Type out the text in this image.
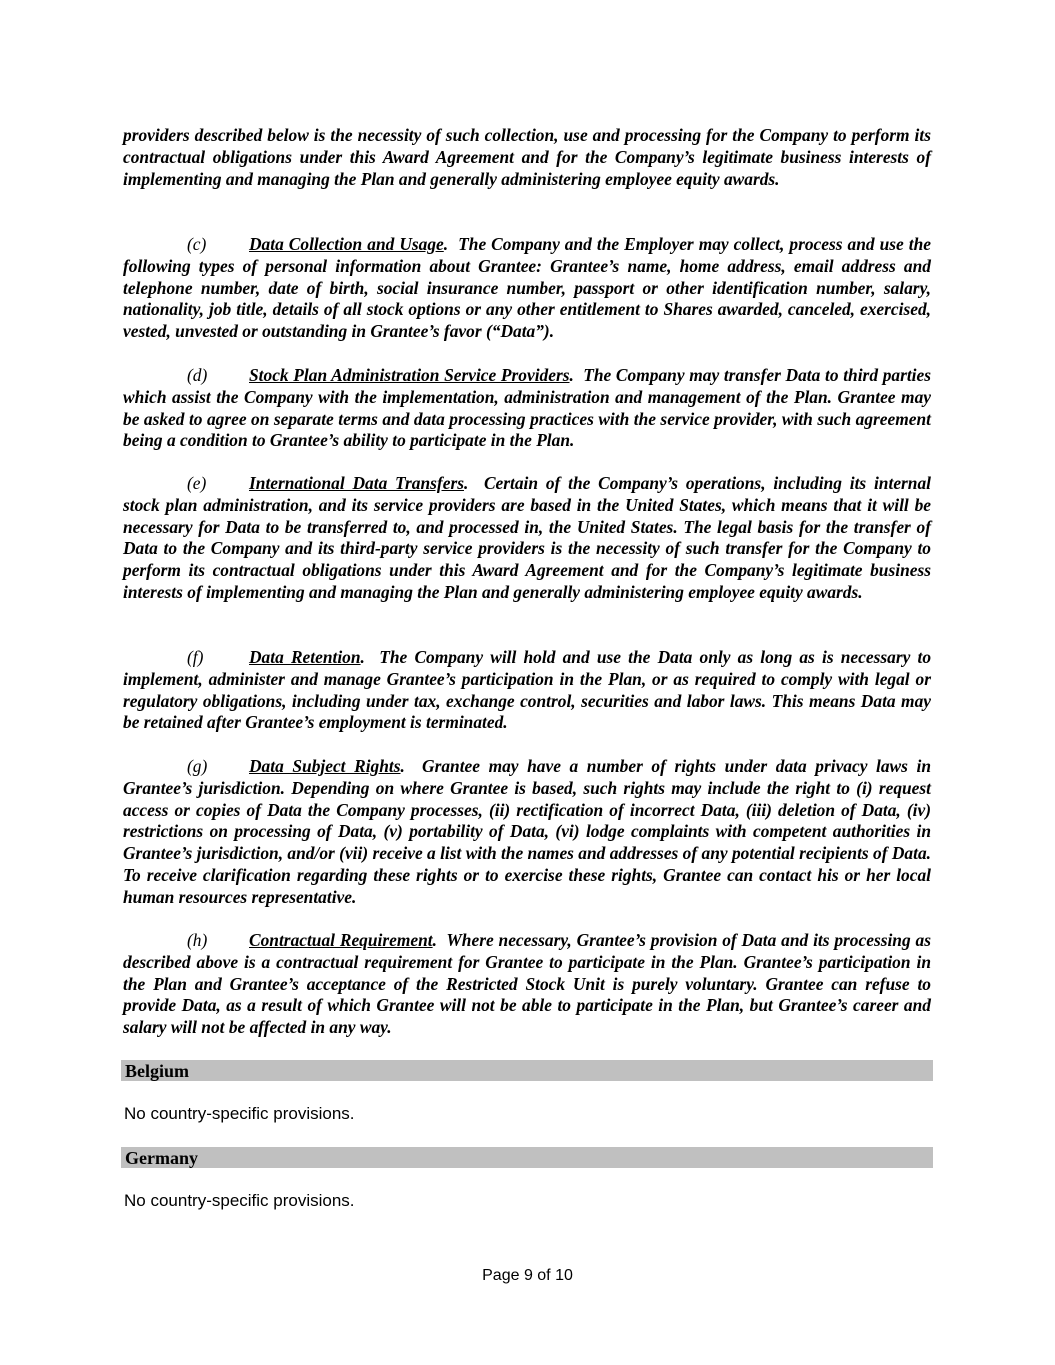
providers described below is the necessity of such collection, use and processing for the Company to perform its contractual obligations under this Award Agreement and for the Company’s legitimate business interests of implementing and managing the Plan and generally administering employee equity awards.
(c) Data Collection and Usage.  The Company and the Employer may collect, process and use the following types of personal information about Grantee: Grantee’s name, home address, email address and telephone number, date of birth, social insurance number, passport or other identification number, salary, nationality, job title, details of all stock options or any other entitlement to Shares awarded, canceled, exercised, vested, unvested or outstanding in Grantee’s favor (“Data”).
(d) Stock Plan Administration Service Providers.  The Company may transfer Data to third parties which assist the Company with the implementation, administration and management of the Plan. Grantee may be asked to agree on separate terms and data processing practices with the service provider, with such agreement being a condition to Grantee’s ability to participate in the Plan.
(e) International Data Transfers.  Certain of the Company’s operations, including its internal stock plan administration, and its service providers are based in the United States, which means that it will be necessary for Data to be transferred to, and processed in, the United States. The legal basis for the transfer of Data to the Company and its third-party service providers is the necessity of such transfer for the Company to perform its contractual obligations under this Award Agreement and for the Company’s legitimate business interests of implementing and managing the Plan and generally administering employee equity awards.
(f)	Data Retention.  The Company will hold and use the Data only as long as is necessary to implement, administer and manage Grantee’s participation in the Plan, or as required to comply with legal or regulatory obligations, including under tax, exchange control, securities and labor laws. This means Data may be retained after Grantee’s employment is terminated.
(g) Data Subject Rights.  Grantee may have a number of rights under data privacy laws in Grantee’s jurisdiction. Depending on where Grantee is based, such rights may include the right to (i) request access or copies of Data the Company processes, (ii) rectification of incorrect Data, (iii) deletion of Data, (iv) restrictions on processing of Data, (v) portability of Data, (vi) lodge complaints with competent authorities in Grantee’s jurisdiction, and/or (vii) receive a list with the names and addresses of any potential recipients of Data. To receive clarification regarding these rights or to exercise these rights, Grantee can contact his or her local human resources representative.
(h) Contractual Requirement.  Where necessary, Grantee’s provision of Data and its processing as described above is a contractual requirement for Grantee to participate in the Plan. Grantee’s participation in the Plan and Grantee’s acceptance of the Restricted Stock Unit is purely voluntary. Grantee can refuse to provide Data, as a result of which Grantee will not be able to participate in the Plan, but Grantee’s career and salary will not be affected in any way.
Belgium
No country-specific provisions.
Germany
No country-specific provisions.
Page 9 of 10
